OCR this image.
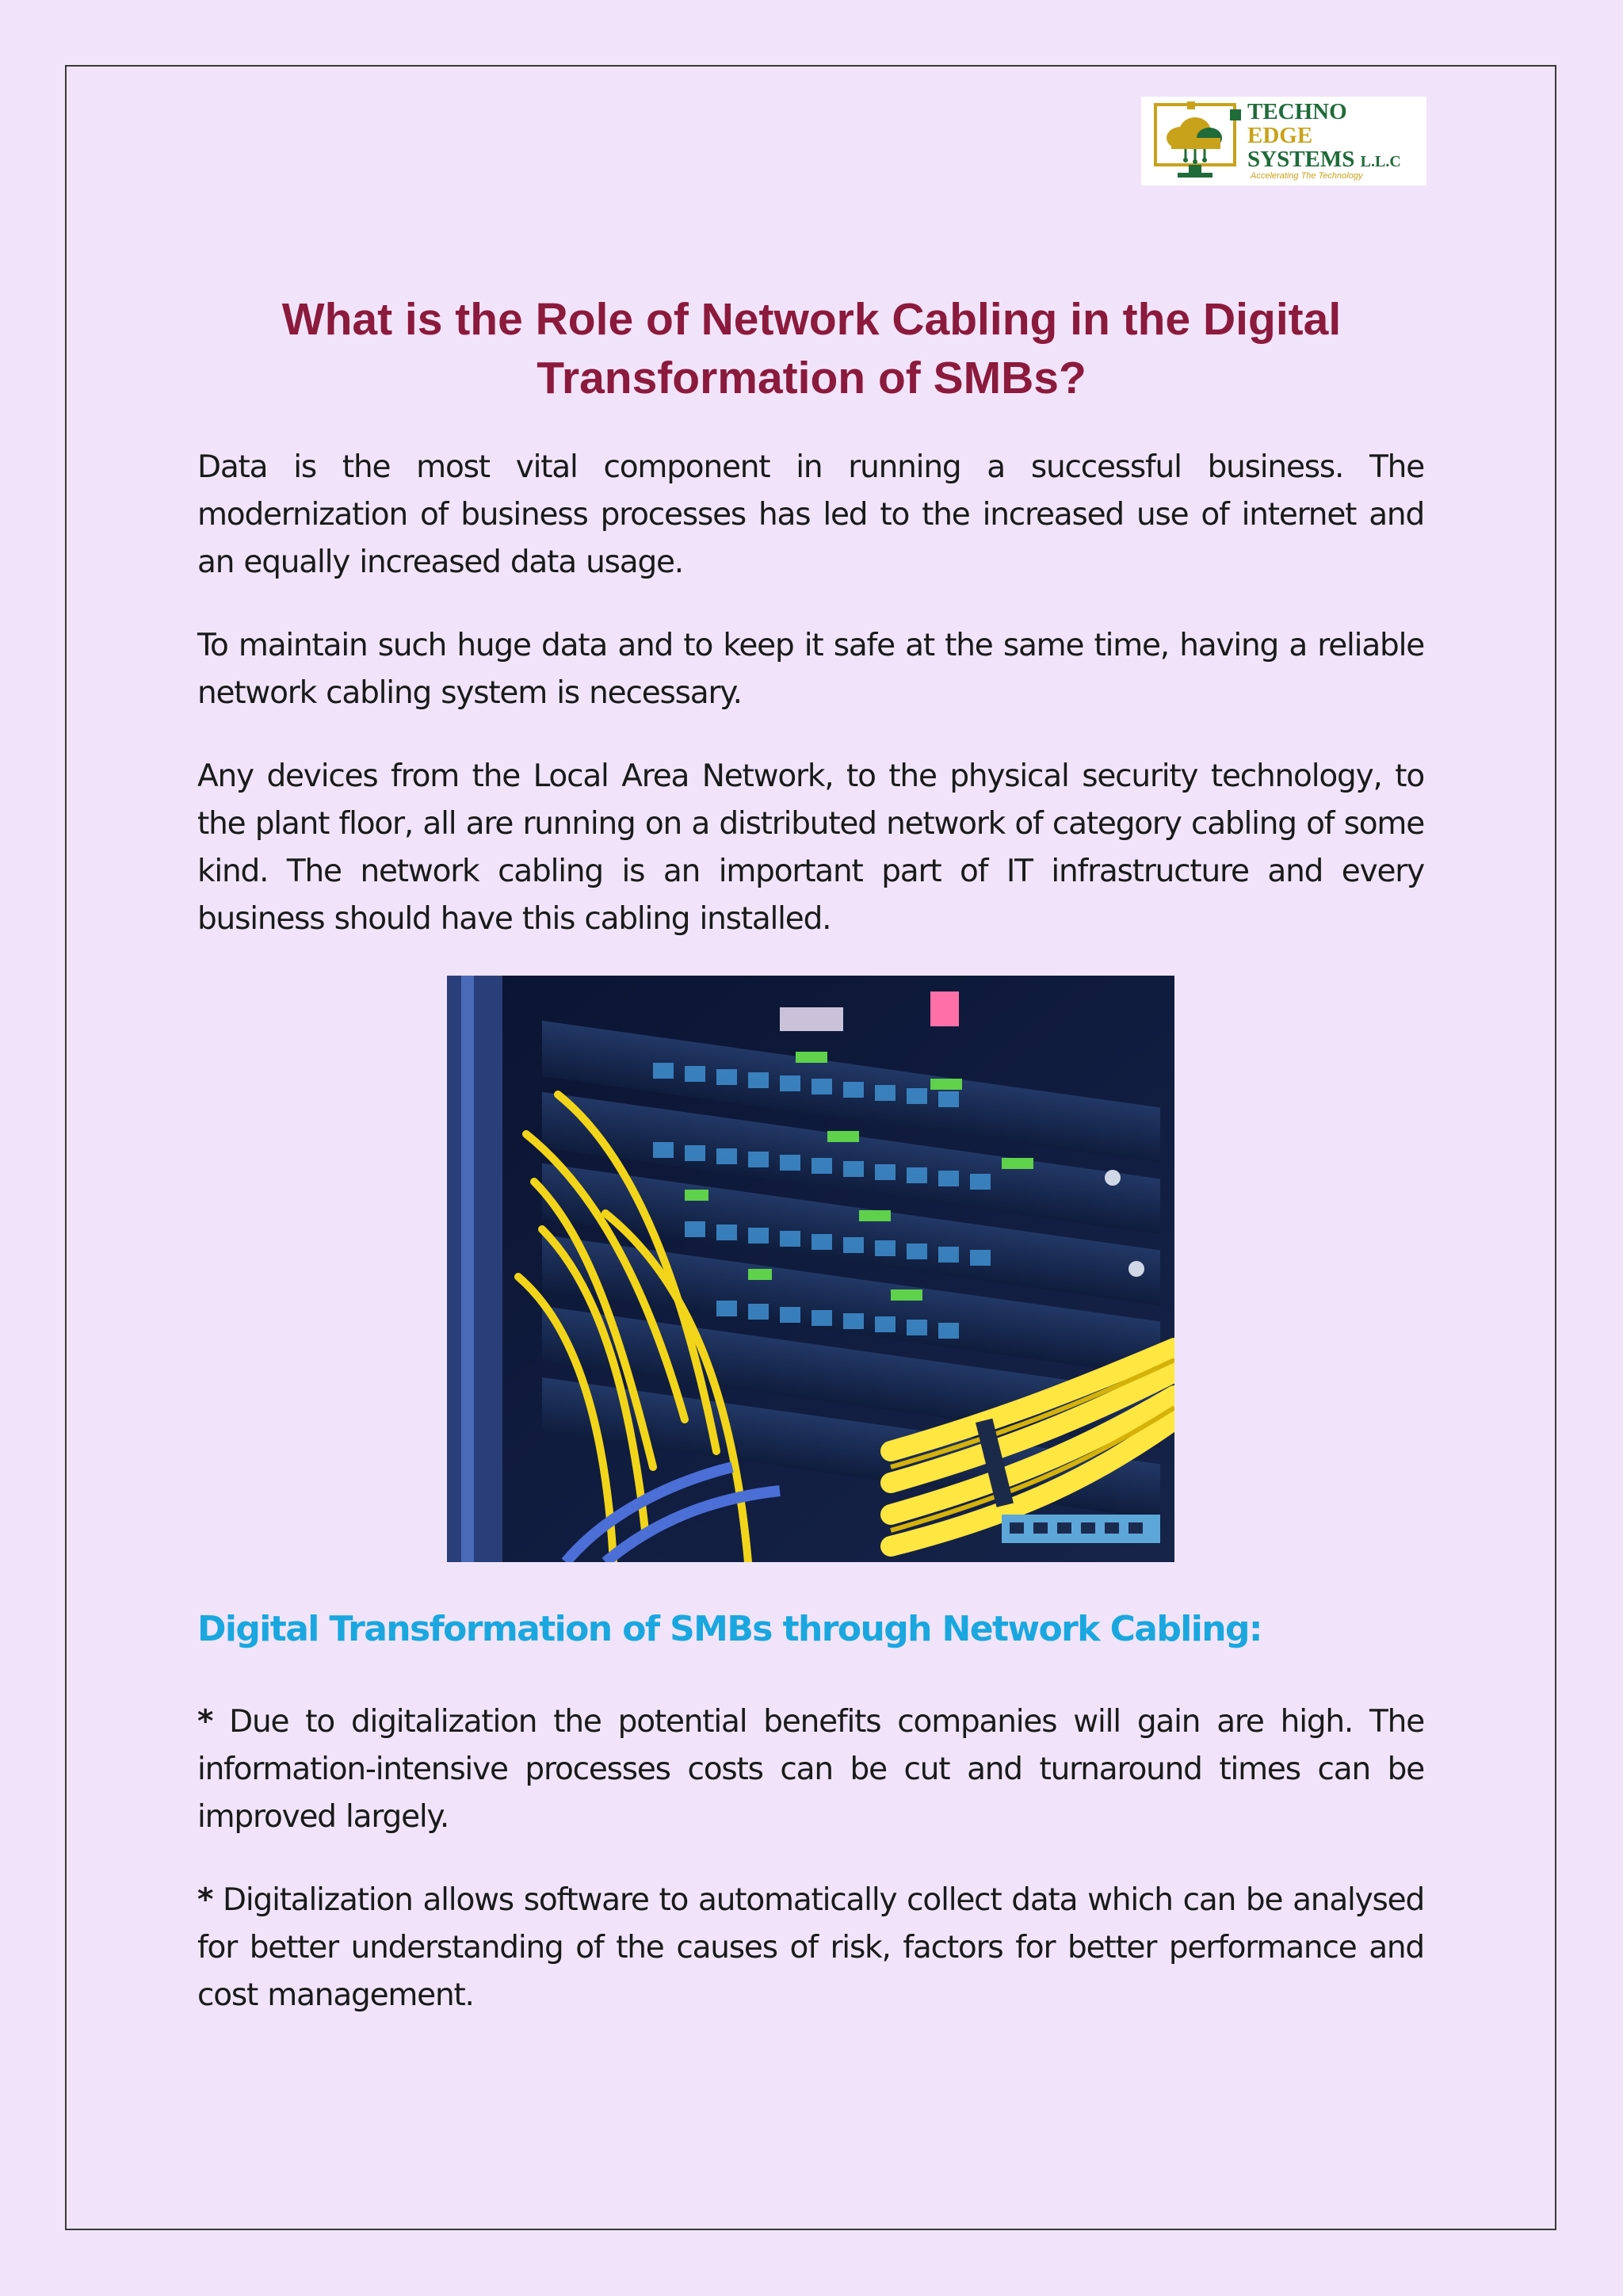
TECHNO
EDGE
SYSTEMS L.L.C
Accelerating The Technology
What is the Role of Network Cabling in the Digital Transformation of SMBs?

Data is the most vital component in running a successful business. The modernization of business processes has led to the increased use of internet and an equally increased data usage.

To maintain such huge data and to keep it safe at the same time, having a reliable network cabling system is necessary.

Any devices from the Local Area Network, to the physical security technology, to the plant floor, all are running on a distributed network of category cabling of some kind. The network cabling is an important part of IT infrastructure and every business should have this cabling installed.

Digital Transformation of SMBs through Network Cabling:

* Due to digitalization the potential benefits companies will gain are high. The information-intensive processes costs can be cut and turnaround times can be improved largely.

* Digitalization allows software to automatically collect data which can be analysed for better understanding of the causes of risk, factors for better performance and cost management.
